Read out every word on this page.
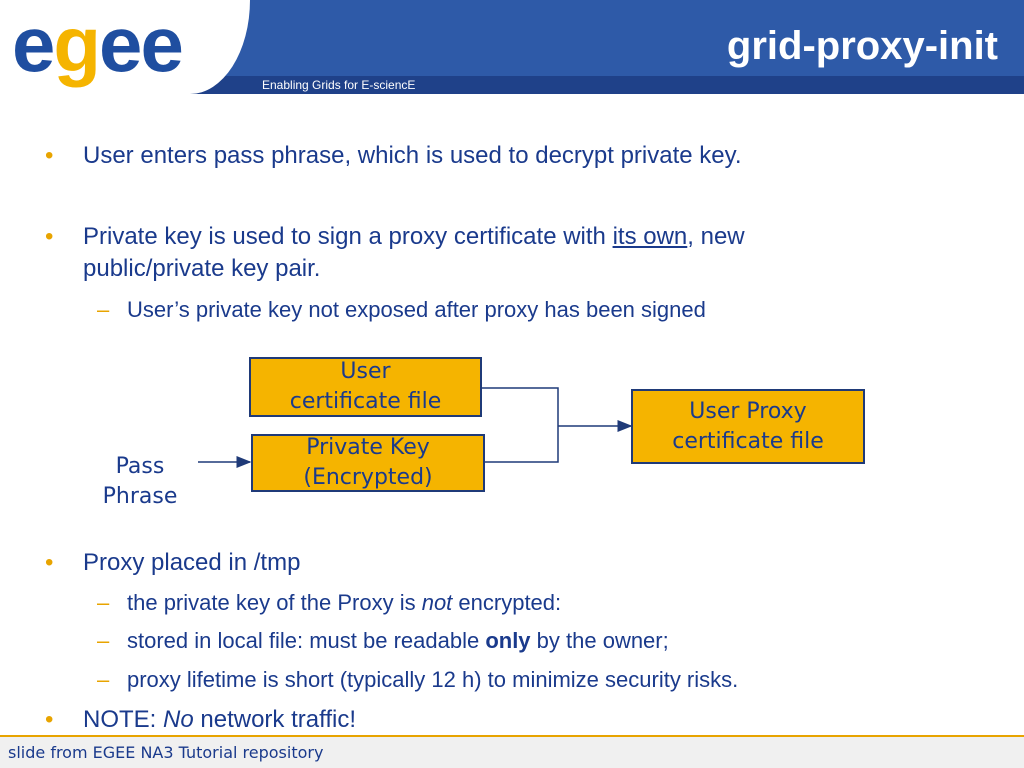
egee	Enabling Grids for E-sciencE
grid-proxy-init
• User enters pass phrase, which is used to decrypt private key.
• Private key is used to sign a proxy certificate with its own, new
public/private key pair.
– User’s private key not exposed after proxy has been signed
User
certificate file
Private Key
(Encrypted)
User Proxy
certificate file
Pass
Phrase
• Proxy placed in /tmp
– the private key of the Proxy is not encrypted:
– stored in local file: must be readable only by the owner;
– proxy lifetime is short (typically 12 h) to minimize security risks.
• NOTE: No network traffic!
slide from EGEE NA3 Tutorial repository
